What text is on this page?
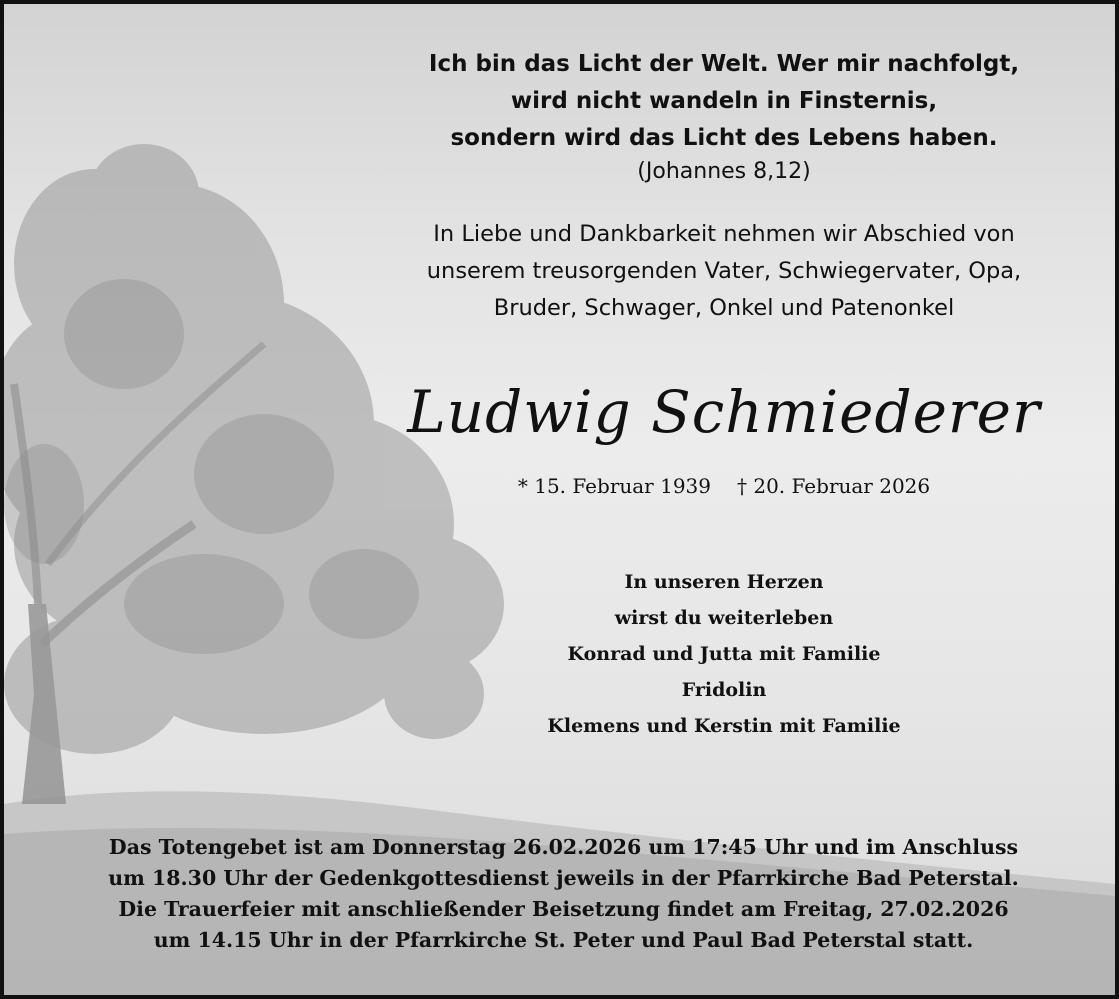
Ich bin das Licht der Welt. Wer mir nachfolgt,
wird nicht wandeln in Finsternis,
sondern wird das Licht des Lebens haben.
(Johannes 8,12)
In Liebe und Dankbarkeit nehmen wir Abschied von
unserem treusorgenden Vater, Schwiegervater, Opa,
Bruder, Schwager, Onkel und Patenonkel
Ludwig Schmiederer
* 15. Februar 1939 † 20. Februar 2026
In unseren Herzen
wirst du weiterleben
Konrad und Jutta mit Familie
Fridolin
Klemens und Kerstin mit Familie
Das Totengebet ist am Donnerstag 26.02.2026 um 17:45 Uhr und im Anschluss
um 18.30 Uhr der Gedenkgottesdienst jeweils in der Pfarrkirche Bad Peterstal.
Die Trauerfeier mit anschließender Beisetzung findet am Freitag, 27.02.2026
um 14.15 Uhr in der Pfarrkirche St. Peter und Paul Bad Peterstal statt.
